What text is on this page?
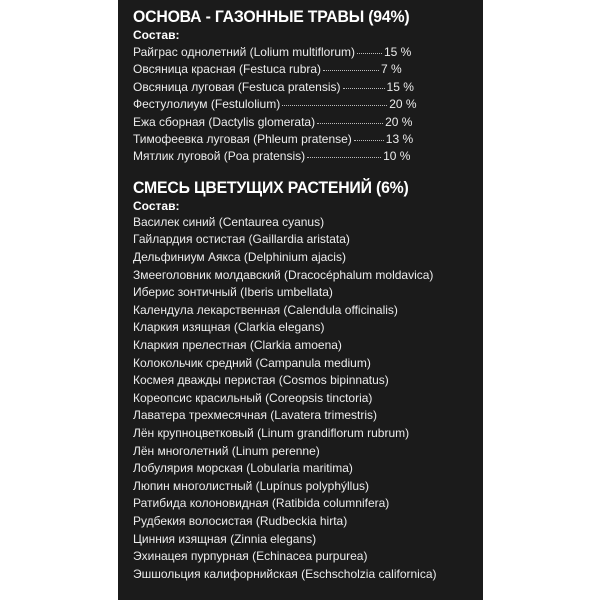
ОСНОВА - ГАЗОННЫЕ ТРАВЫ (94%)
Состав:
Райграс однолетний (Lolium multiflorum) 15 %
Овсяница красная (Festuca rubra)	7 %
Овсяница луговая (Festuca pratensis)	15 %
Фестулолиум (Festulolium)	20 %
Ежа сборная (Dactylis glomerata)	20 %
Тимофеевка луговая (Phleum pratense)	13 %
Мятлик луговой (Poa pratensis)	10 %
СМЕСЬ ЦВЕТУЩИХ РАСТЕНИЙ (6%)
Состав:
Василек синий (Centaurea cyanus)
Гайлардия остистая (Gaillardia aristata)
Дельфиниум Аякса (Delphinium ajacis)
Змееголовник молдавский (Dracocéphalum moldavica)
Иберис зонтичный (Iberis umbellata)
Календула лекарственная (Calendula officinalis)
Кларкия изящная (Clarkia elegans)
Кларкия прелестная (Clarkia amoena)
Колокольчик средний (Campanula medium)
Космея дважды перистая (Cosmos bipinnatus)
Кореопсис красильный (Coreopsis tinctoria)
Лаватера трехмесячная (Lavatera trimestris)
Лён крупноцветковый (Linum grandiflorum rubrum)
Лён многолетний (Linum perenne)
Лобулярия морская (Lobularia maritima)
Люпин многолистный (Lupínus polyphýllus)
Ратибида колоновидная (Ratibida columnifera)
Рудбекия волосистая (Rudbeckia hirta)
Цинния изящная (Zinnia elegans)
Эхинацея пурпурная (Echinacea purpurea)
Эшшольция калифорнийская (Eschscholzia californica)
